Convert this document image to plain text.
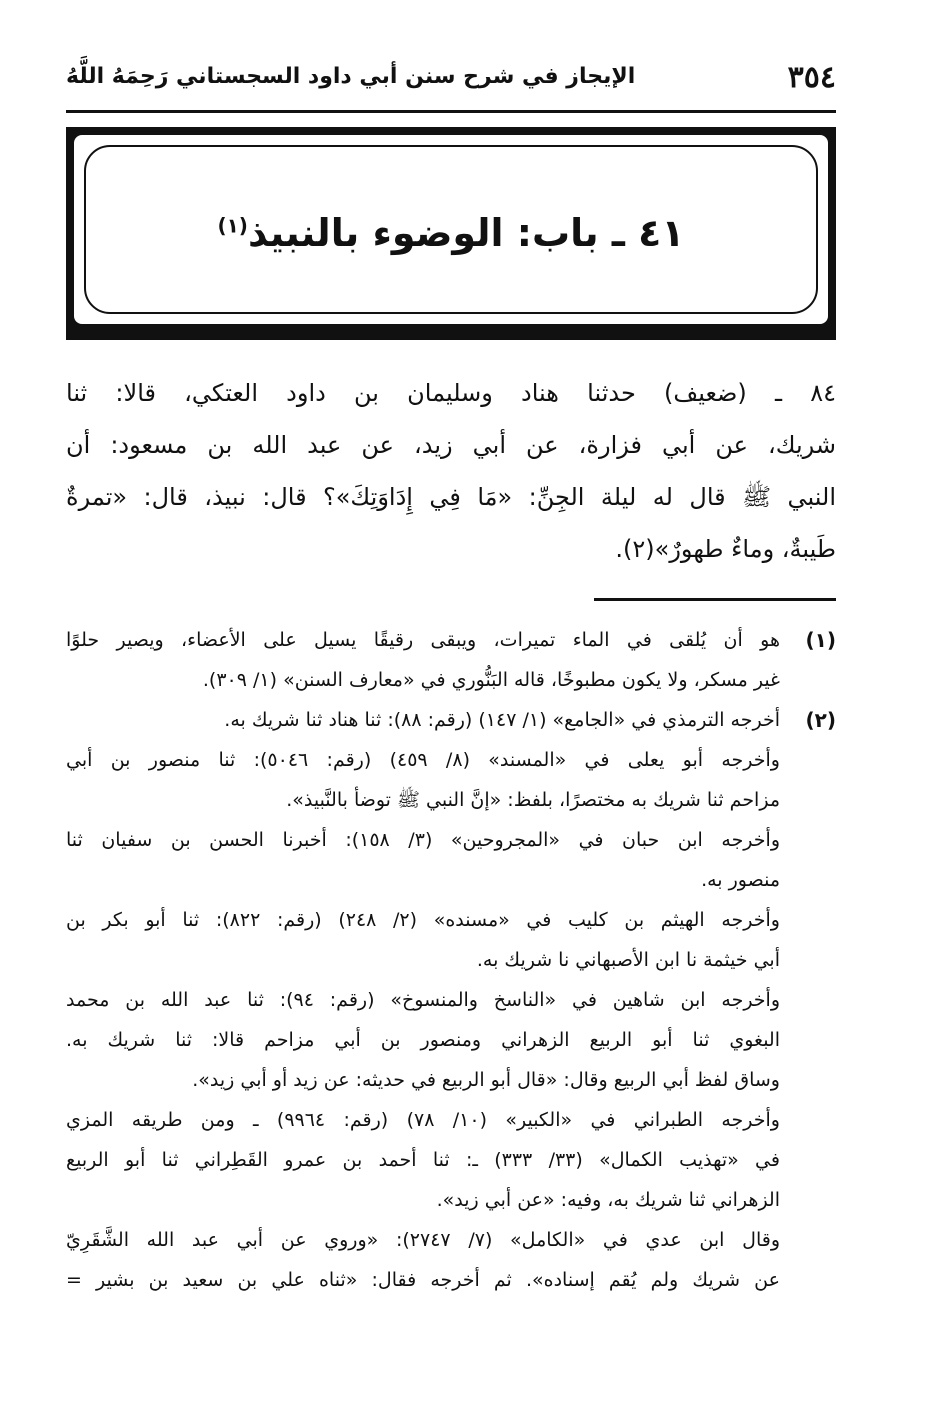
٣٥٤
الإيجاز في شرح سنن أبي داود السجستاني رَحِمَهُ اللَّهُ
٤١ ـ باب: الوضوء بالنبيذ$^{(١)}$
٨٤ ـ (ضعيف) حدثنا هناد وسليمان بن داود العتكي، قالا: ثنا
شريك، عن أبي فزارة، عن أبي زيد، عن عبد الله بن مسعود: أن
النبي ﷺ قال له ليلة الجِنِّ: «مَا فِي إِدَاوَتِكَ»؟ قال: نبيذ، قال: «تمرةٌ
طَيبةٌ، وماءٌ طهورٌ»(٢).
(١)
هو أن يُلقى في الماء تميرات، ويبقى رقيقًا يسيل على الأعضاء، ويصير حلوًا
غير مسكر، ولا يكون مطبوخًا، قاله البَنُّوري في «معارف السنن» (١/ ٣٠٩).
(٢)
أخرجه الترمذي في «الجامع» (١/ ١٤٧) (رقم: ٨٨): ثنا هناد ثنا شريك به.
وأخرجه أبو يعلى في «المسند» (٨/ ٤٥٩) (رقم: ٥٠٤٦): ثنا منصور بن أبي
مزاحم ثنا شريك به مختصرًا، بلفظ: «إنَّ النبي ﷺ توضأ بالنَّبيذ».
وأخرجه ابن حبان في «المجروحين» (٣/ ١٥٨): أخبرنا الحسن بن سفيان ثنا
منصور به.
وأخرجه الهيثم بن كليب في «مسنده» (٢/ ٢٤٨) (رقم: ٨٢٢): ثنا أبو بكر بن
أبي خيثمة نا ابن الأصبهاني نا شريك به.
وأخرجه ابن شاهين في «الناسخ والمنسوخ» (رقم: ٩٤): ثنا عبد الله بن محمد
البغوي ثنا أبو الربيع الزهراني ومنصور بن أبي مزاحم قالا: ثنا شريك به.
وساق لفظ أبي الربيع وقال: «قال أبو الربيع في حديثه: عن زيد أو أبي زيد».
وأخرجه الطبراني في «الكبير» (١٠/ ٧٨) (رقم: ٩٩٦٤) ـ ومن طريقه المزي
في «تهذيب الكمال» (٣٣/ ٣٣٣) ـ: ثنا أحمد بن عمرو القَطِراني ثنا أبو الربيع
الزهراني ثنا شريك به، وفيه: «عن أبي زيد».
وقال ابن عدي في «الكامل» (٧/ ٢٧٤٧): «وروي عن أبي عبد الله الشَّقَرِيّ
عن شريك ولم يُقم إسناده». ثم أخرجه فقال: «ثناه علي بن سعيد بن بشير =
